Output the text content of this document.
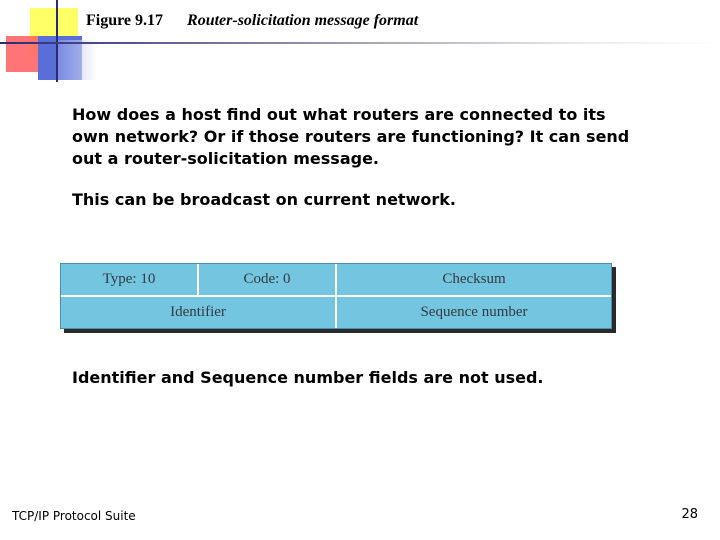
Figure 9.17 Router-solicitation message format
How does a host find out what routers are connected to its own network? Or if those routers are functioning? It can send out a router-solicitation message.
This can be broadcast on current network.
Type: 10	Code: 0	Checksum
Identifier	Sequence number
Identifier and Sequence number fields are not used.
TCP/IP Protocol Suite	28
